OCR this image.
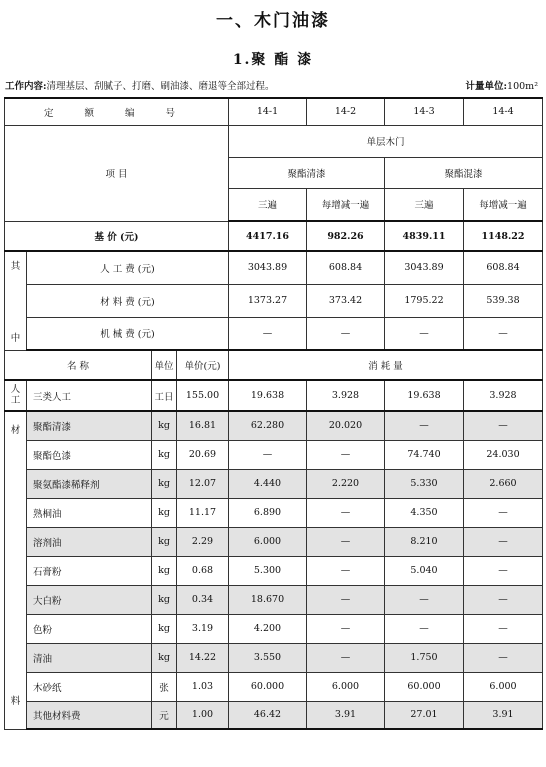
一、木门油漆
1.聚 酯 漆
工作内容:清理基层、刮腻子、打磨、刷油漆、磨退等全部过程。	计量单位:100m²
定 额 编 号				14-1	14-2	14-3	14-4
项 目				单层木门			
				聚酯清漆		聚酯混漆	
				三遍	每增减一遍	三遍	每增减一遍
基 价 (元)				4417.16	982.26	4839.11	1148.22

其
中	人 工 费 (元)			3043.89	608.84	3043.89	608.84
	材 料 费 (元)			1373.27	373.42	1795.22	539.38
	机 械 费 (元)			—	—	—	—
名 称		单位	单价(元)	消 耗 量			

人工	三类人工	工日	155.00	19.638	3.928	19.638	3.928

材
料	聚酯清漆	kg	16.81	62.280	20.020	—	—
	聚酯色漆	kg	20.69	—	—	74.740	24.030
	聚氨酯漆稀释剂	kg	12.07	4.440	2.220	5.330	2.660
	熟桐油	kg	11.17	6.890	—	4.350	—
	溶剂油	kg	2.29	6.000	—	8.210	—
	石膏粉	kg	0.68	5.300	—	5.040	—
	大白粉	kg	0.34	18.670	—	—	—
	色粉	kg	3.19	4.200	—	—	—
	清油	kg	14.22	3.550	—	1.750	—
	木砂纸	张	1.03	60.000	6.000	60.000	6.000
	其他材料费	元	1.00	46.42	3.91	27.01	3.91
